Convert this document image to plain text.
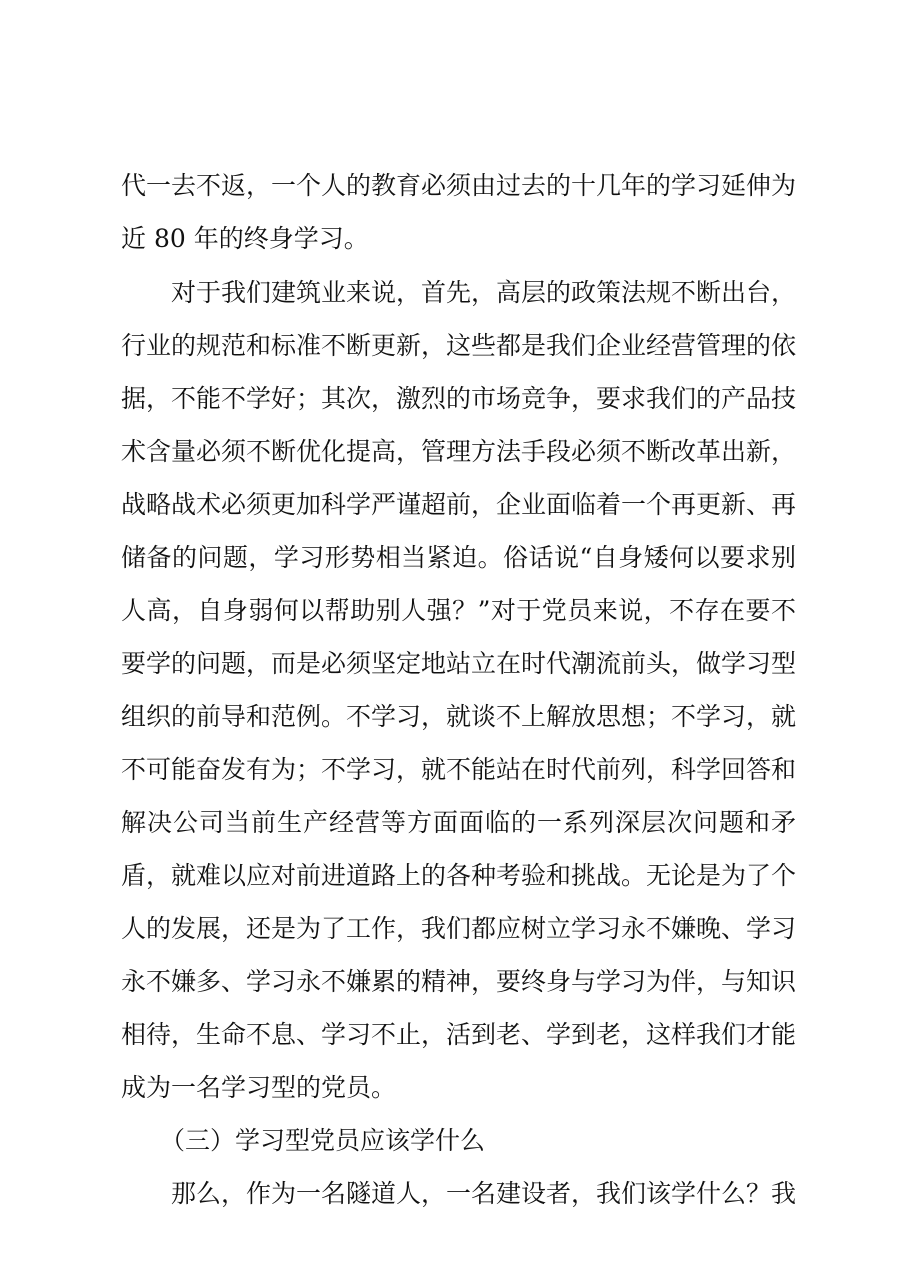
代一去不返，一个人的教育必须由过去的十几年的学习延伸为
近 80 年的终身学习。
对于我们建筑业来说，首先，高层的政策法规不断出台，
行业的规范和标准不断更新，这些都是我们企业经营管理的依
据，不能不学好；其次，激烈的市场竞争，要求我们的产品技
术含量必须不断优化提高，管理方法手段必须不断改革出新，
战略战术必须更加科学严谨超前，企业面临着一个再更新、再
储备的问题，学习形势相当紧迫。俗话说“自身矮何以要求别
人高，自身弱何以帮助别人强？”对于党员来说，不存在要不
要学的问题，而是必须坚定地站立在时代潮流前头，做学习型
组织的前导和范例。不学习，就谈不上解放思想；不学习，就
不可能奋发有为；不学习，就不能站在时代前列，科学回答和
解决公司当前生产经营等方面面临的一系列深层次问题和矛
盾，就难以应对前进道路上的各种考验和挑战。无论是为了个
人的发展，还是为了工作，我们都应树立学习永不嫌晚、学习
永不嫌多、学习永不嫌累的精神，要终身与学习为伴，与知识
相待，生命不息、学习不止，活到老、学到老，这样我们才能
成为一名学习型的党员。
（三）学习型党员应该学什么
那么，作为一名隧道人，一名建设者，我们该学什么？我
